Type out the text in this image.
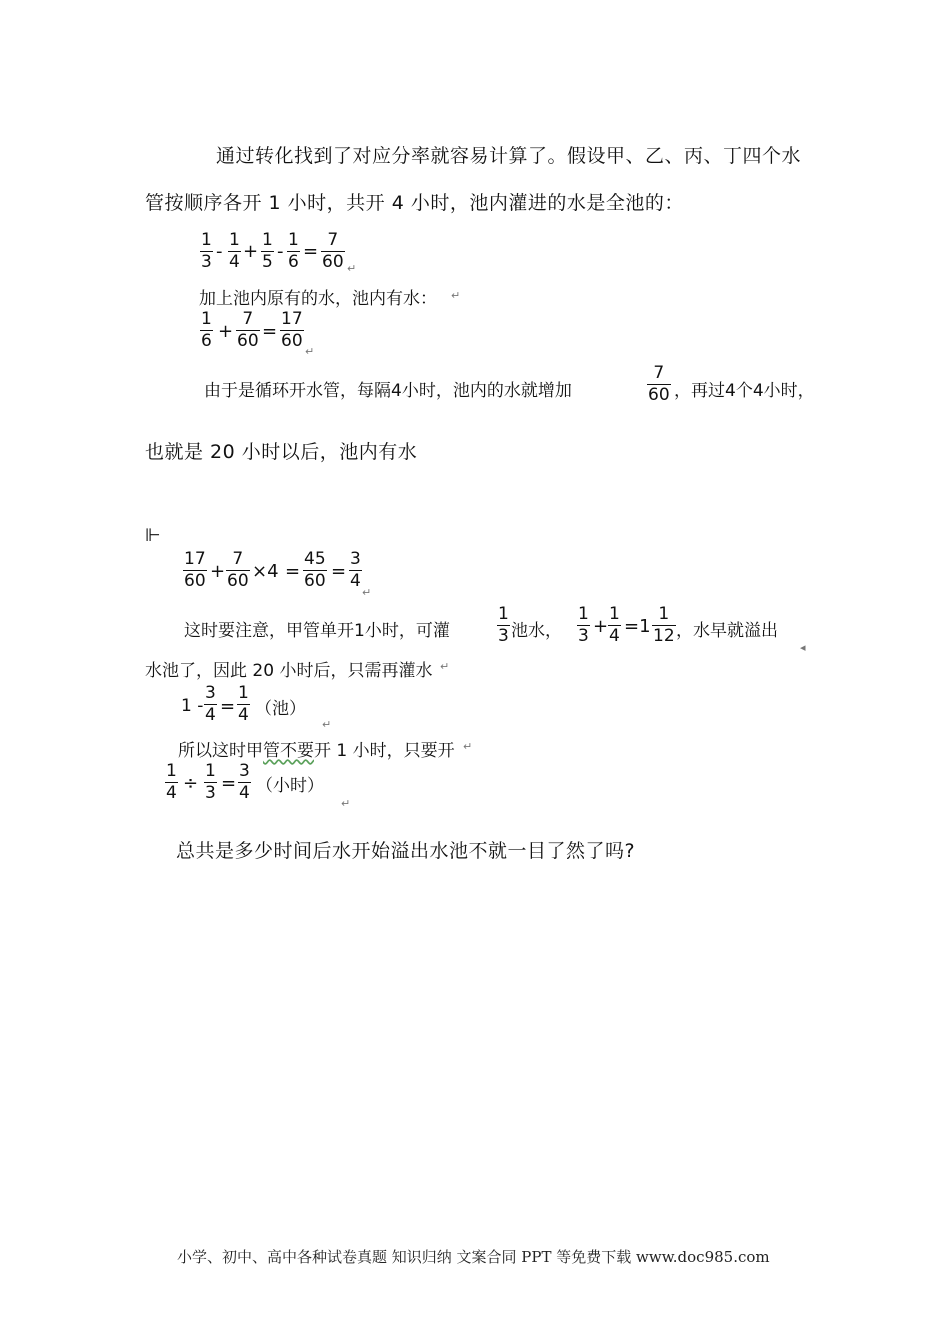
通过转化找到了对应分率就容易计算了。假设甲、乙、丙、丁四个水
管按顺序各开 1 小时，共开 4 小时，池内灌进的水是全池的：
1
3 -
1
4 +
1
5 -
1
6 =
7
60 ↵
加上池内原有的水，池内有水： ↵
1
6 +
7
60 =
17
60
↵
由于是循环开水管，每隔4小时，池内的水就增加
7
60 ，再过4个4小时，
也就是 20 小时以后，池内有水
⊩
17
60 +
7
60 ×4 =
45
60 =
3
4
↵
这时要注意，甲管单开1小时，可灌
1
3 池水，
1
3 +
1
4 =1
1
12 ，水早就溢出
◂
水池了，因此 20 小时后，只需再灌水 ↵
1 -
3
4 =
1
4 （池）
↵
所以这时甲管不要开 1 小时，只要开 ↵
1
4 ÷
1
3 =
3
4 （小时）
↵
总共是多少时间后水开始溢出水池不就一目了然了吗?
小学、初中、高中各种试卷真题 知识归纳 文案合同 PPT 等免费下载 www.doc985.com
